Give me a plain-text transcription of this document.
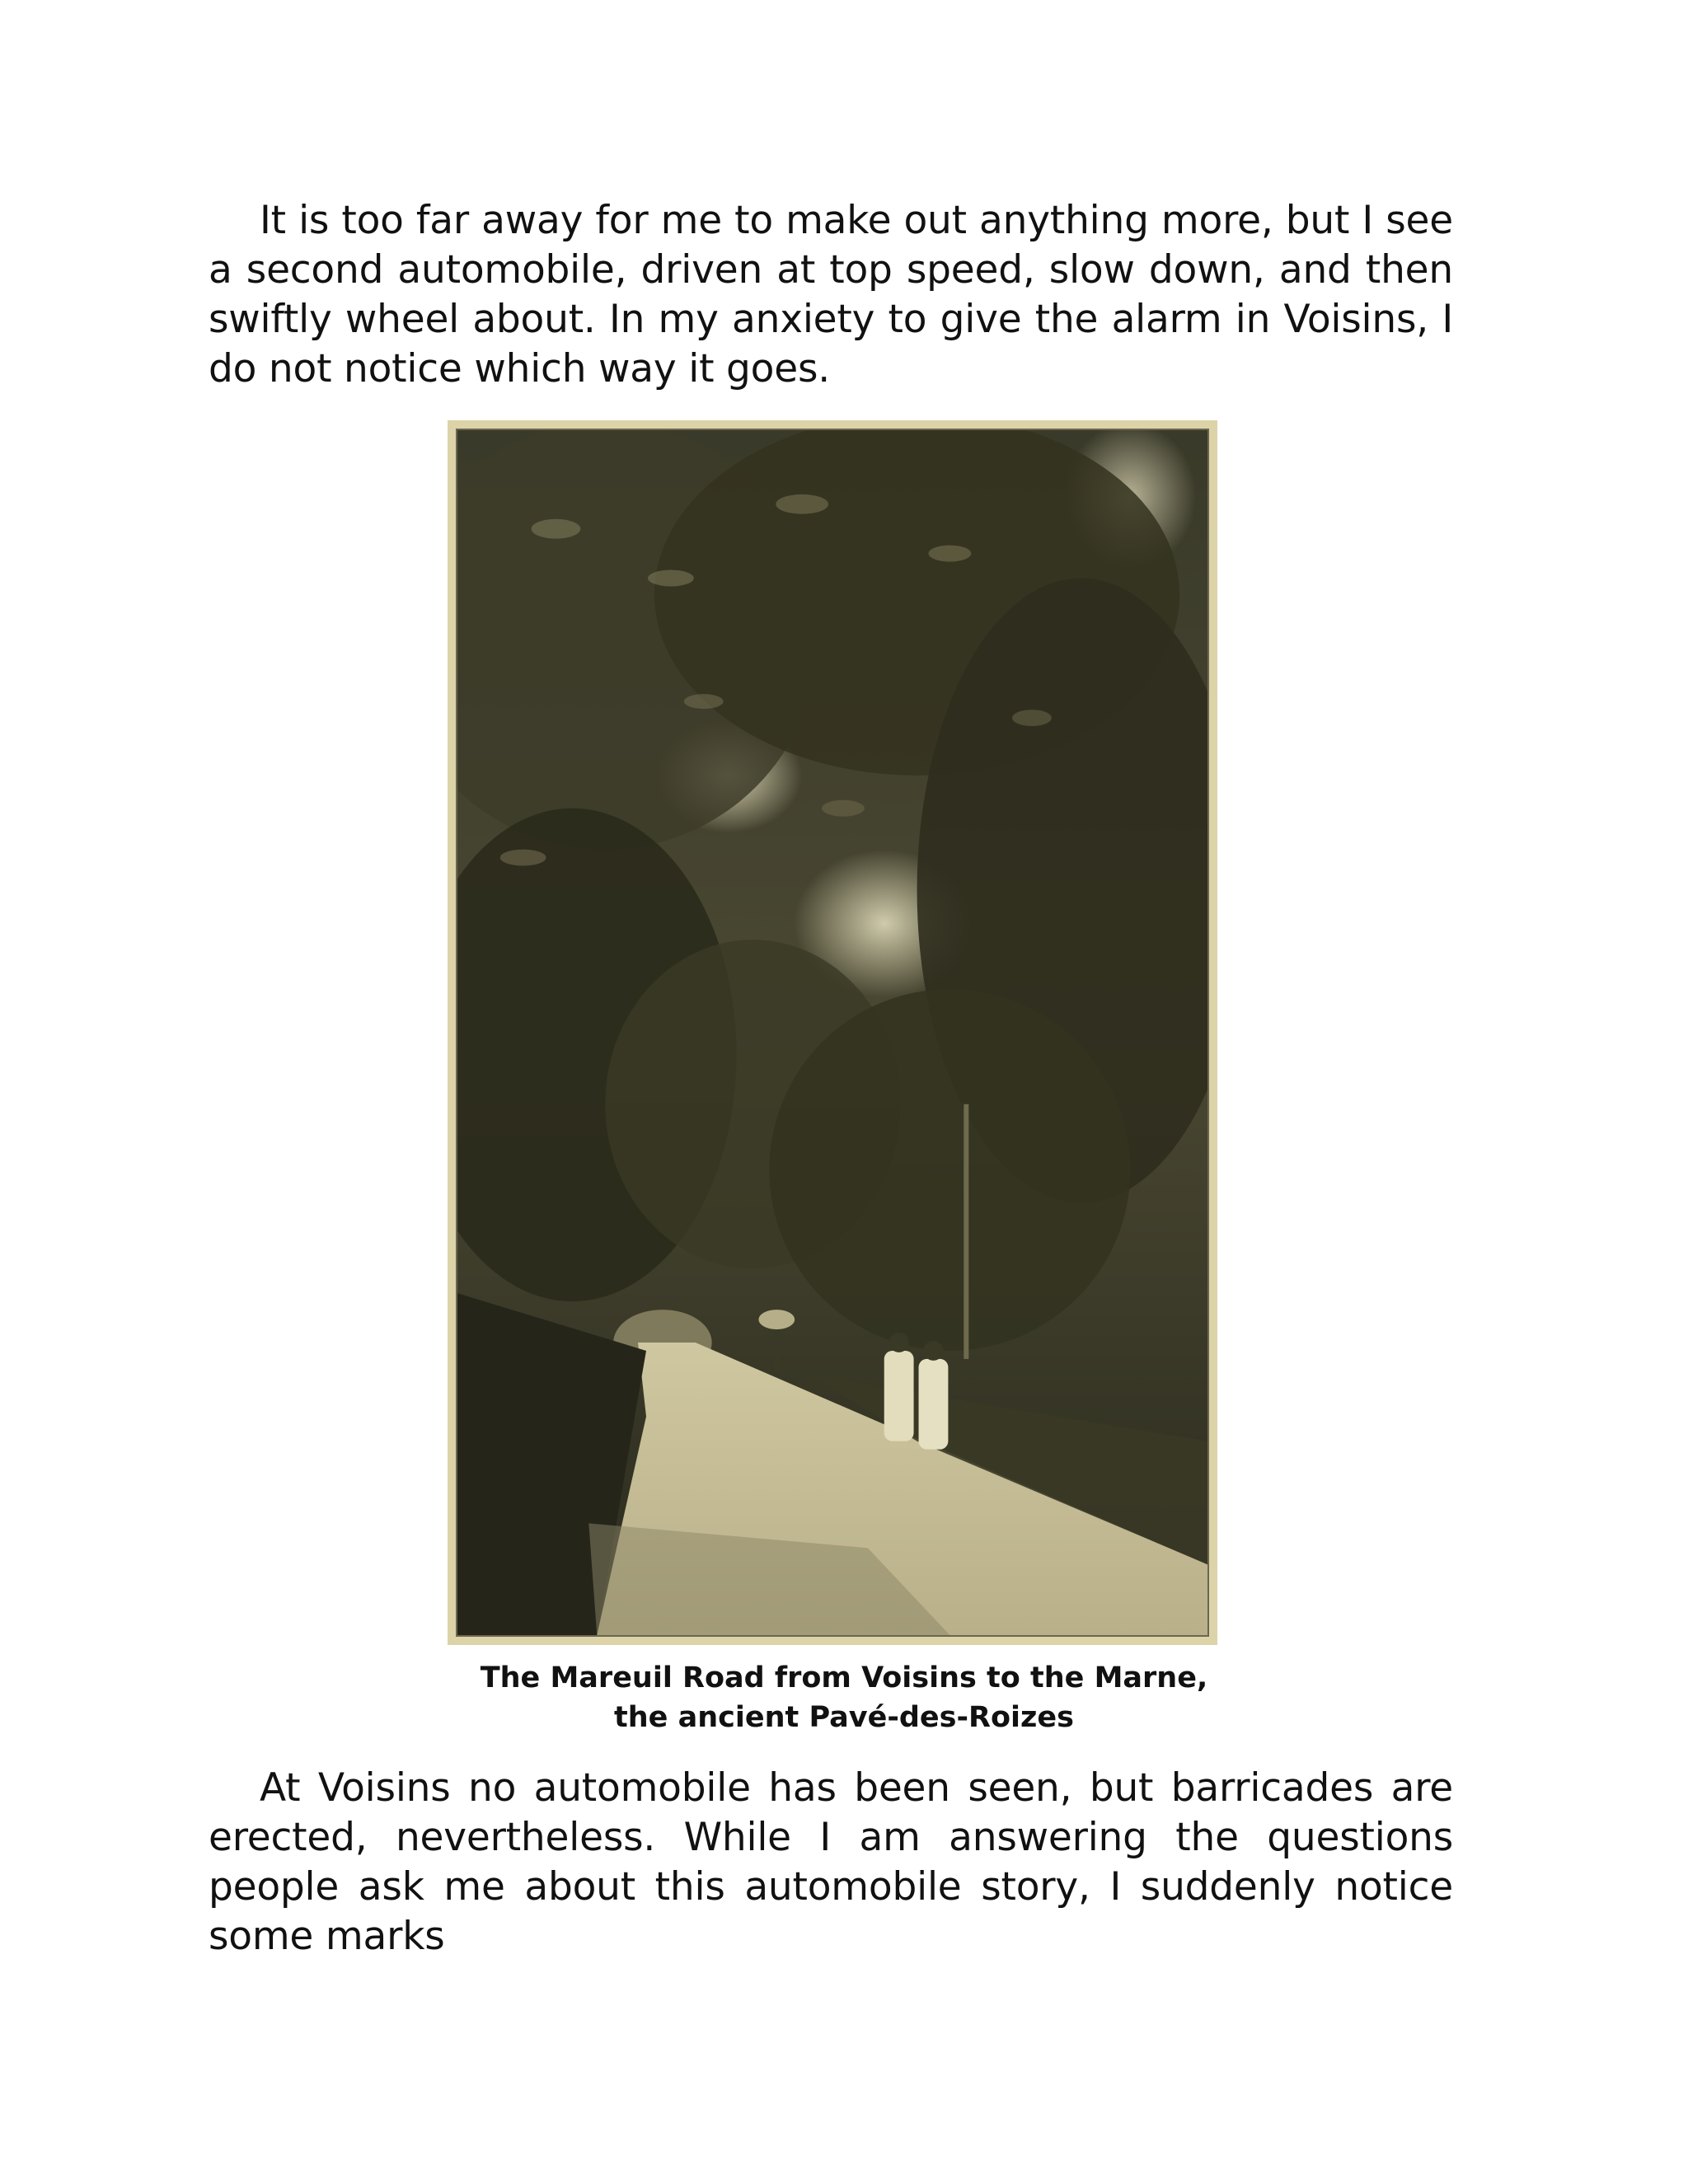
It is too far away for me to make out anything more, but I see a second automobile, driven at top speed, slow down, and then swiftly wheel about. In my anxiety to give the alarm in Voisins, I do not notice which way it goes.

The Mareuil Road from Voisins to the Marne,

the ancient Pavé-des-Roizes

At Voisins no automobile has been seen, but barricades are erected, nevertheless. While I am answering the questions people ask me about this automobile story, I suddenly notice some marks
